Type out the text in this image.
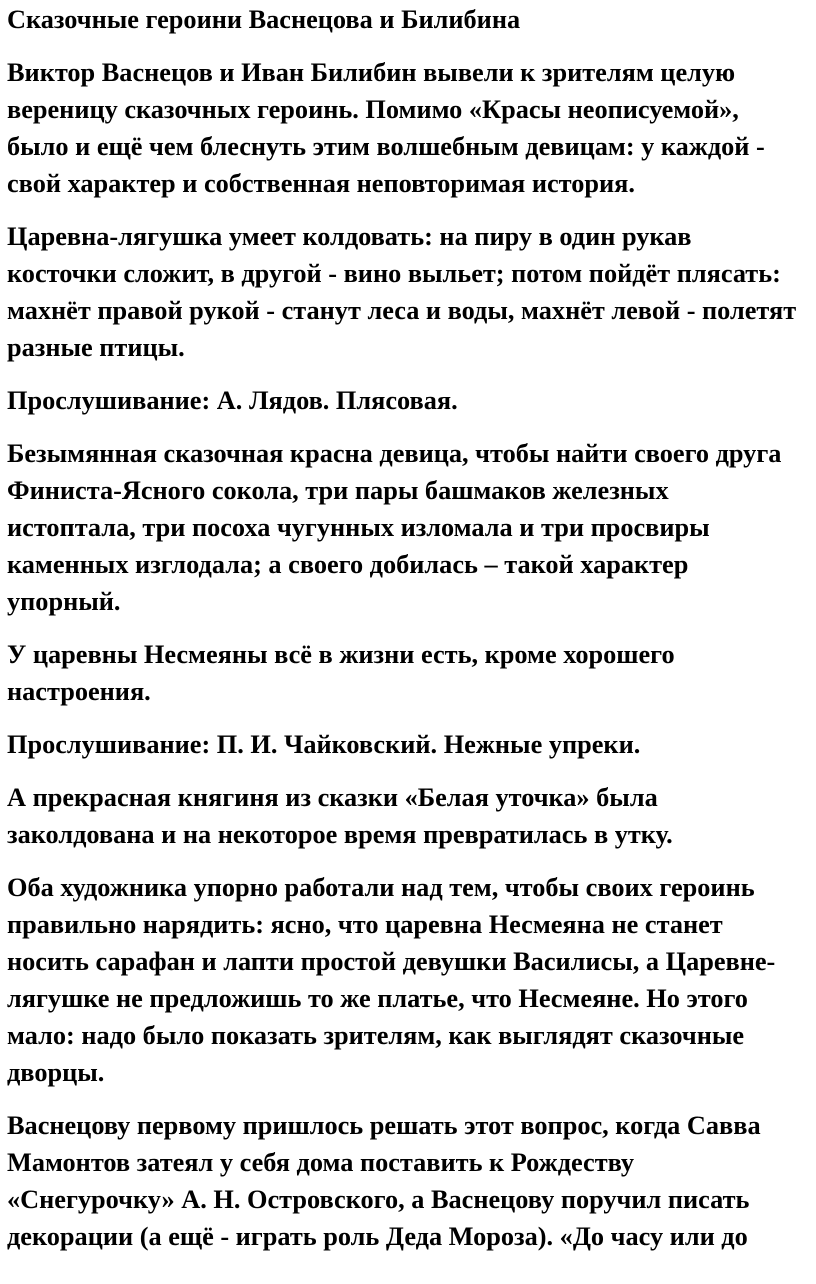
Сказочные героини Васнецова и Билибина

Виктор Васнецов и Иван Билибин вывели к зрителям целую вереницу сказочных героинь. Помимо «Красы неописуемой», было и ещё чем блеснуть этим волшебным девицам: у каждой - свой характер и собственная неповторимая история.

Царевна-лягушка умеет колдовать: на пиру в один рукав косточки сложит, в другой - вино выльет; потом пойдёт плясать: махнёт правой рукой - станут леса и воды, махнёт левой - полетят разные птицы.

Прослушивание: А. Лядов. Плясовая.

Безымянная сказочная красна девица, чтобы найти своего друга Финиста-Ясного сокола, три пары башмаков железных истоптала, три посоха чугунных изломала и три просвиры каменных изглодала; а своего добилась – такой характер упорный.

У царевны Несмеяны всё в жизни есть, кроме хорошего настроения.

Прослушивание: П. И. Чайковский. Нежные упреки.

А прекрасная княгиня из сказки «Белая уточка» была заколдована и на некоторое время превратилась в утку.

Оба художника упорно работали над тем, чтобы своих героинь правильно нарядить: ясно, что царевна Несмеяна не станет носить сарафан и лапти простой девушки Василисы, а Царевне-лягушке не предложишь то же платье, что Несмеяне. Но этого мало: надо было показать зрителям, как выглядят сказочные дворцы.

Васнецову первому пришлось решать этот вопрос, когда Савва Мамонтов затеял у себя дома поставить к Рождеству «Снегурочку» А. Н. Островского, а Васнецову поручил писать декорации (а ещё - играть роль Деда Мороза). «До часу или до
